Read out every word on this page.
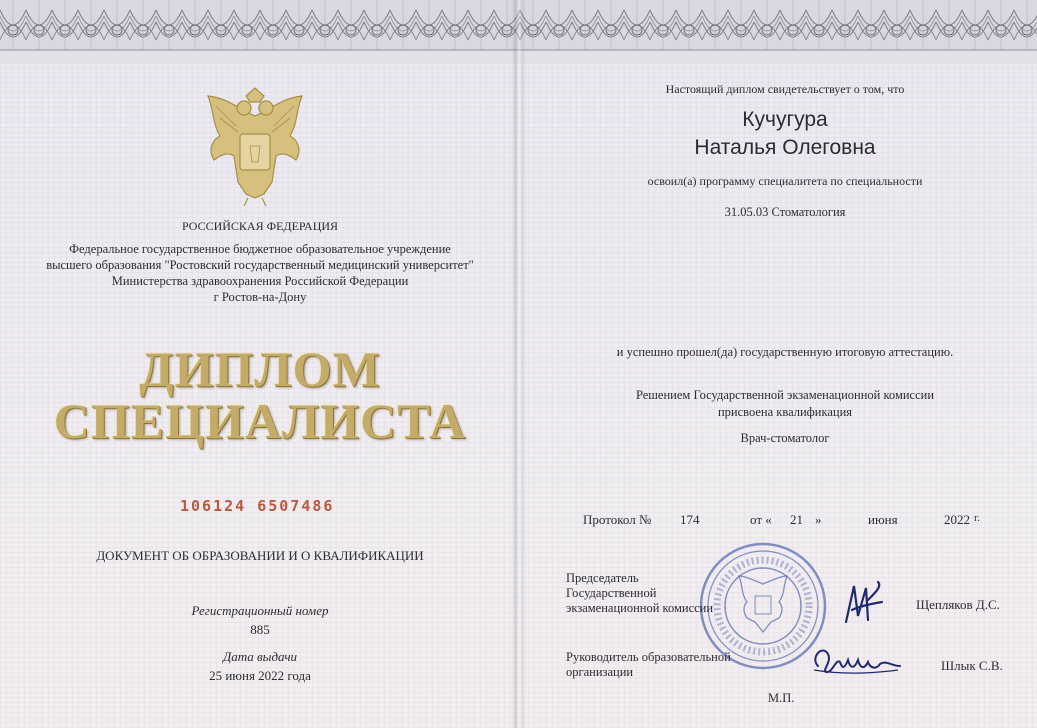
РОССИЙСКАЯ ФЕДЕРАЦИЯ
Федеральное государственное бюджетное образовательное учреждение
высшего образования "Ростовский государственный медицинский университет"
Министерства здравоохранения Российской Федерации
г Ростов-на-Дону
ДИПЛОМ
СПЕЦИАЛИСТА
106124 6507486
ДОКУМЕНТ ОБ ОБРАЗОВАНИИ И О КВАЛИФИКАЦИИ
Регистрационный номер
885
Дата выдачи
25 июня 2022 года
Настоящий диплом свидетельствует о том, что
Кучугура
Наталья Олеговна
освоил(а) программу специалитета по специальности
31.05.03 Стоматология
и успешно прошел(да) государственную итоговую аттестацию.
Решением Государственной экзаменационной комиссии
присвоена квалификация
Врач-стоматолог
Протокол № 174	от « 21 »	июня	2022 г.
Председатель
Государственной
экзаменационной комиссии	Щепляков Д.С.
Руководитель образовательной
организации	Шлык С.В.
М.П.
